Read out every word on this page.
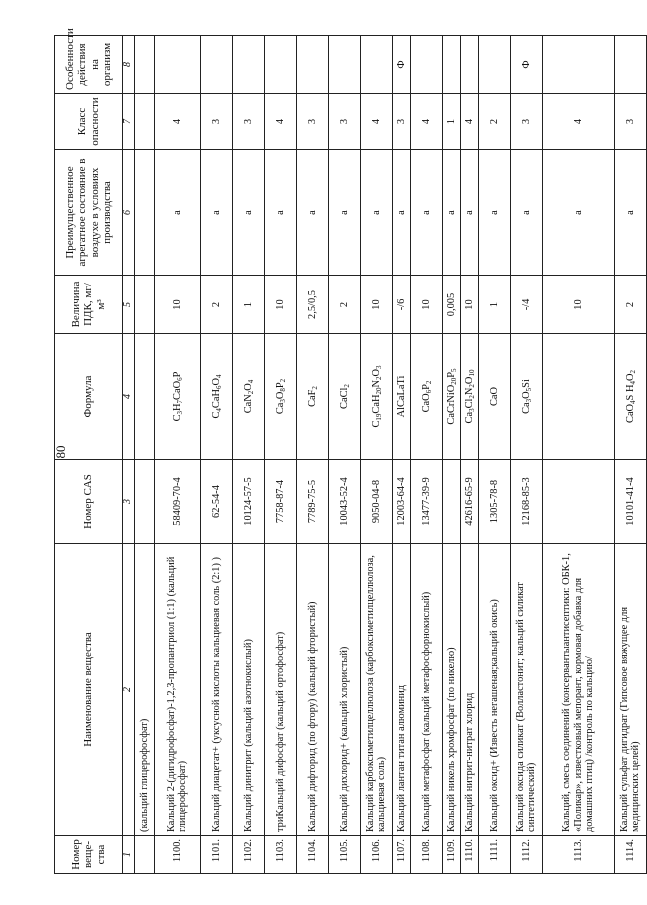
80
Номер веще- ства	Наименование вещества	Номер CAS	Формула	Величина ПДК, мг/м³	Преимущественное агрегатное состояние в воздухе в условиях производства	Класс опасности	Особенности действия на организм
1	2	3	4	5	6	7	8
	(кальций глицерофосфат)						
1100.	Кальций 2-(дигидрофосфат)-1,2,3-пропантриол (1:1) (кальций глицерофосфат)	58409-70-4	C3H7CaO6P	10	а	4	
1101.	Кальций диацетат+ (уксусной кислоты кальциевая соль (2:1) )	62-54-4	C4CaH6O4	2	а	3	
1102.	Кальций динитрит (кальций азотнокислый)	10124-57-5	CaN2O4	1	а	3	
1103.	триКальций дифосфат (кальций ортофосфат)	7758-87-4	Ca3O8P2	10	а	4	
1104.	Кальций дифторид (по фтору) (кальций фтористый)	7789-75-5	CaF2	2,5/0,5	а	3	
1105.	Кальций дихлорид+ (кальций хлористый)	10043-52-4	CaCl2	2	а	3	
1106.	Кальций карбоксиметилцеллюлоза (карбоксиметилцеллюлоза, кальциевая соль)	9050-04-8	C19CaH20N2O3	10	а	4	
1107.	Кальций лантан титан алюминид	12003-64-4	AlCaLaTi	-/6	а	3	Ф
1108.	Кальций метафосфат (кальций метафосфорнокислый)	13477-39-9	CaO6P2	10	а	4	
1109.	Кальций никель хромфосфат (по никелю)		CaCrNiO20P5	0,005	а	1	
1110.	Кальций нитрит-нитрат хлорид	42616-65-9	Ca3Cl2N2O10	10	а	4	
1111.	Кальций оксид+ (Известь негашеная;кальций окись)	1305-78-8	CaO	1	а	2	
1112.	Кальций оксида силикат (Волластонит; кальций силикат синтетический)	12168-85-3	Ca3O5Si	-/4	а	3	Ф
1113.	Кальций, смесь соединений (консервантыантисептики: ОБК-1, «Поликар», известковый мепорант, кормовая добавка для домашних птиц) /контроль по кальцию/			10	а	4	
1114.	Кальций сульфат дигидрат (Гипсовое вяжущее для медицинских целей)	10101-41-4	CaO4S H4O2	2	а	3	
